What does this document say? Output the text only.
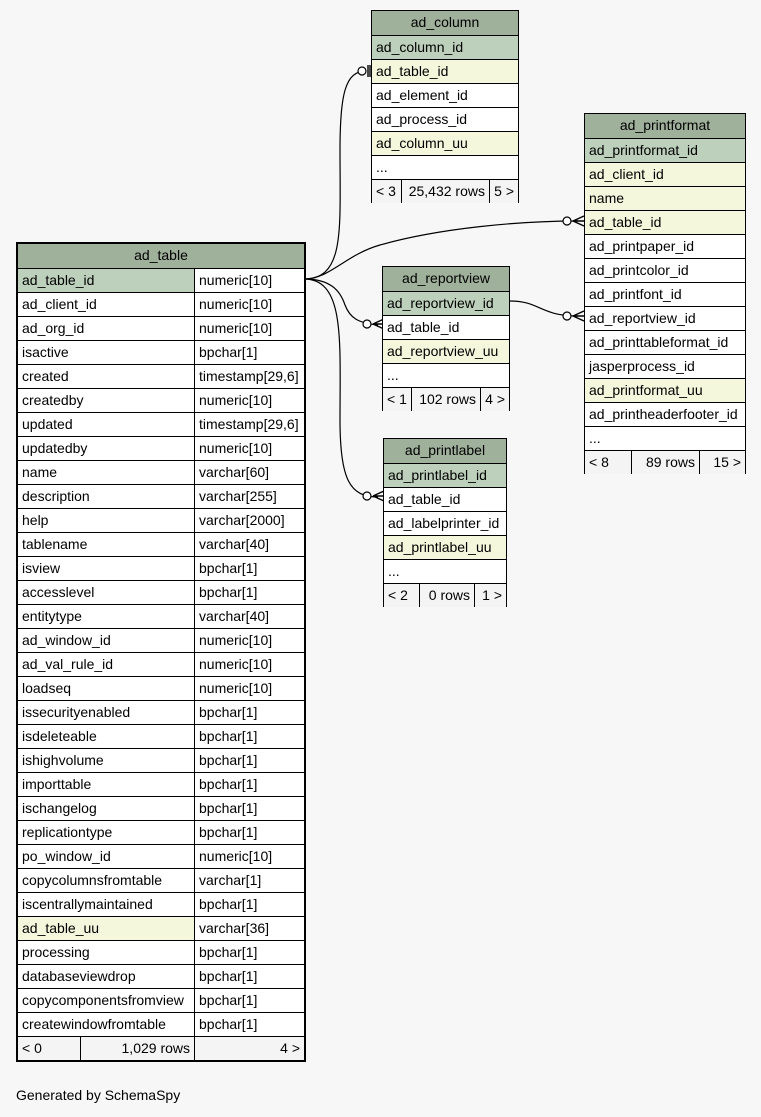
ad_table
ad_table_id	numeric[10]
ad_client_id	numeric[10]
ad_org_id	numeric[10]
isactive	bpchar[1]
created	timestamp[29,6]
createdby	numeric[10]
updated	timestamp[29,6]
updatedby	numeric[10]
name	varchar[60]
description	varchar[255]
help	varchar[2000]
tablename	varchar[40]
isview	bpchar[1]
accesslevel	bpchar[1]
entitytype	varchar[40]
ad_window_id	numeric[10]
ad_val_rule_id	numeric[10]
loadseq	numeric[10]
issecurityenabled	bpchar[1]
isdeleteable	bpchar[1]
ishighvolume	bpchar[1]
importtable	bpchar[1]
ischangelog	bpchar[1]
replicationtype	bpchar[1]
po_window_id	numeric[10]
copycolumnsfromtable	varchar[1]
iscentrallymaintained	bpchar[1]
ad_table_uu	varchar[36]
processing	bpchar[1]
databaseviewdrop	bpchar[1]
copycomponentsfromview	bpchar[1]
createwindowfromtable	bpchar[1]
< 0	1,029 rows	4 >
ad_column
ad_column_id
ad_table_id
ad_element_id
ad_process_id
ad_column_uu
...
< 3 25,432 rows 5 >
ad_reportview
ad_reportview_id
ad_table_id
ad_reportview_uu
...
< 1 102 rows 4 >
ad_printlabel
ad_printlabel_id
ad_table_id
ad_labelprinter_id
ad_printlabel_uu
...
< 2	0 rows 1 >
ad_printformat
ad_printformat_id
ad_client_id
name
ad_table_id
ad_printpaper_id
ad_printcolor_id
ad_printfont_id
ad_reportview_id
ad_printtableformat_id
jasperprocess_id
ad_printformat_uu
ad_printheaderfooter_id
...
< 8	89 rows	15 >
Generated by SchemaSpy
